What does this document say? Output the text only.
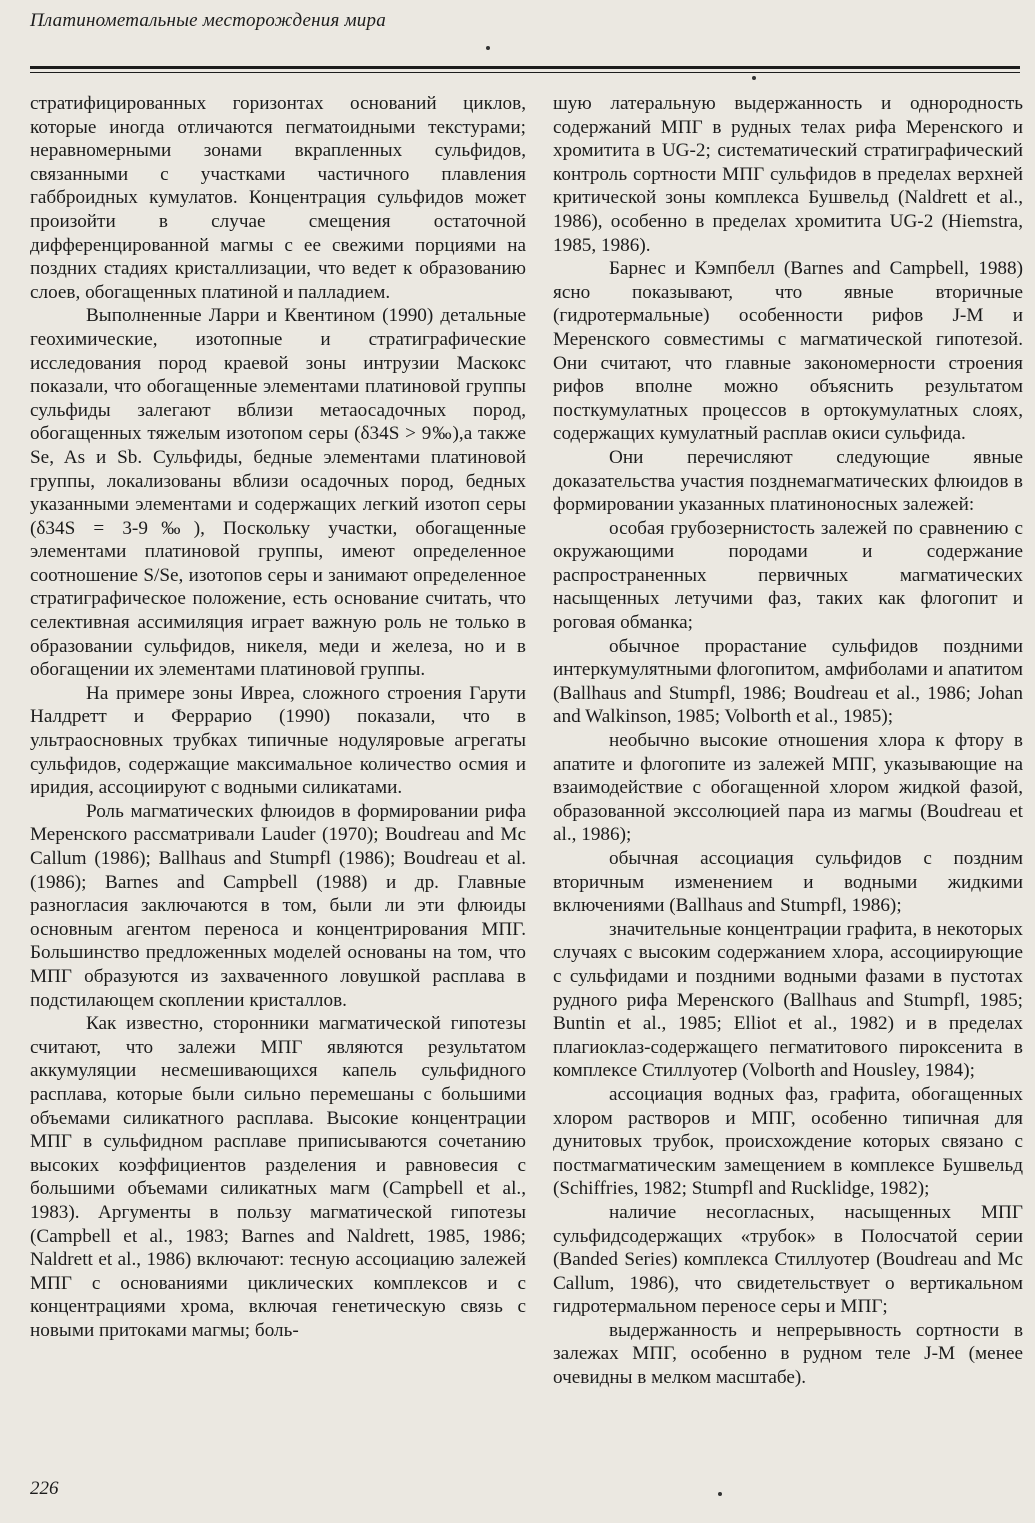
Платинометальные месторождения мира

стратифицированных горизонтах оснований циклов, которые иногда отличаются пегматоидными текстурами; неравномерными зонами вкрапленных сульфидов, связанными с участками частичного плавления габброидных кумулатов. Концентрация сульфидов может произойти в случае смещения остаточной дифференцированной магмы с ее свежими порциями на поздних стадиях кристаллизации, что ведет к образованию слоев, обогащенных платиной и палладием.

Выполненные Ларри и Квентином (1990) детальные геохимические, изотопные и стратиграфические исследования пород краевой зоны интрузии Маскокс показали, что обогащенные элементами платиновой группы сульфиды залегают вблизи метаосадочных пород, обогащенных тяжелым изотопом серы (δ34S > 9‰),а также Se, As и Sb. Сульфиды, бедные элементами платиновой группы, локализованы вблизи осадочных пород, бедных указанными элементами и содержащих легкий изотоп серы (δ34S = 3-9‰), Поскольку участки, обогащенные элементами платиновой группы, имеют определенное соотношение S/Se, изотопов серы и занимают определенное стратиграфическое положение, есть основание считать, что селективная ассимиляция играет важную роль не только в образовании сульфидов, никеля, меди и железа, но и в обогащении их элементами платиновой группы.

На примере зоны Ивреа, сложного строения Гарути Налдретт и Феррарио (1990) показали, что в ультраосновных трубках типичные нодуляровые агрегаты сульфидов, содержащие максимальное количество осмия и иридия, ассоциируют с водными силикатами.

Роль магматических флюидов в формировании рифа Меренского рассматривали Lauder (1970); Boudreau and Mc Callum (1986); Ballhaus and Stumpfl (1986); Boudreau et al. (1986); Barnes and Campbell (1988) и др. Главные разногласия заключаются в том, были ли эти флюиды основным агентом переноса и концентрирования МПГ. Большинство предложенных моделей основаны на том, что МПГ образуются из захваченного ловушкой расплава в подстилающем скоплении кристаллов.

Как известно, сторонники магматической гипотезы считают, что залежи МПГ являются результатом аккумуляции несмешивающихся капель сульфидного расплава, которые были сильно перемешаны с большими объемами силикатного расплава. Высокие концентрации МПГ в сульфидном расплаве приписываются сочетанию высоких коэффициентов разделения и равновесия с большими объемами силикатных магм (Campbell et al., 1983). Аргументы в пользу магматической гипотезы (Campbell et al., 1983; Barnes and Naldrett, 1985, 1986; Naldrett et al., 1986) включают: тесную ассоциацию залежей МПГ с основаниями циклических комплексов и с концентрациями хрома, включая генетическую связь с новыми притоками магмы; боль-

шую латеральную выдержанность и однородность содержаний МПГ в рудных телах рифа Меренского и хромитита в UG-2; систематический стратиграфический контроль сортности МПГ сульфидов в пределах верхней критической зоны комплекса Бушвельд (Naldrett et al., 1986), особенно в пределах хромитита UG-2 (Hiemstra, 1985, 1986).

Барнес и Кэмпбелл (Barnes and Campbell, 1988) ясно показывают, что явные вторичные (гидротермальные) особенности рифов J-M и Меренского совместимы с магматической гипотезой. Они считают, что главные закономерности строения рифов вполне можно объяснить результатом посткумулатных процессов в ортокумулатных слоях, содержащих кумулатный расплав окиси сульфида.

Они перечисляют следующие явные доказательства участия позднемагматических флюидов в формировании указанных платиноносных залежей:

особая грубозернистость залежей по сравнению с окружающими породами и содержание распространенных первичных магматических насыщенных летучими фаз, таких как флогопит и роговая обманка;

обычное прорастание сульфидов поздними интеркумулятными флогопитом, амфиболами и апатитом (Ballhaus and Stumpfl, 1986; Boudreau et al., 1986; Johan and Walkinson, 1985; Volborth et al., 1985);

необычно высокие отношения хлора к фтору в апатите и флогопите из залежей МПГ, указывающие на взаимодействие с обогащенной хлором жидкой фазой, образованной экссолюцией пара из магмы (Boudreau et al., 1986);

обычная ассоциация сульфидов с поздним вторичным изменением и водными жидкими включениями (Ballhaus and Stumpfl, 1986);

значительные концентрации графита, в некоторых случаях с высоким содержанием хлора, ассоциирующие с сульфидами и поздними водными фазами в пустотах рудного рифа Меренского (Ballhaus and Stumpfl, 1985; Buntin et al., 1985; Elliot et al., 1982) и в пределах плагиоклаз-содержащего пегматитового пироксенита в комплексе Стиллуотер (Volborth and Housley, 1984);

ассоциация водных фаз, графита, обогащенных хлором растворов и МПГ, особенно типичная для дунитовых трубок, происхождение которых связано с постмагматическим замещением в комплексе Бушвельд (Schiffries, 1982; Stumpfl and Rucklidge, 1982);

наличие несогласных, насыщенных МПГ сульфидсодержащих «трубок» в Полосчатой серии (Banded Series) комплекса Стиллуотер (Boudreau and Mc Callum, 1986), что свидетельствует о вертикальном гидротермальном переносе серы и МПГ;

выдержанность и непрерывность сортности в залежах МПГ, особенно в рудном теле J-M (менее очевидны в мелком масштабе).

226
